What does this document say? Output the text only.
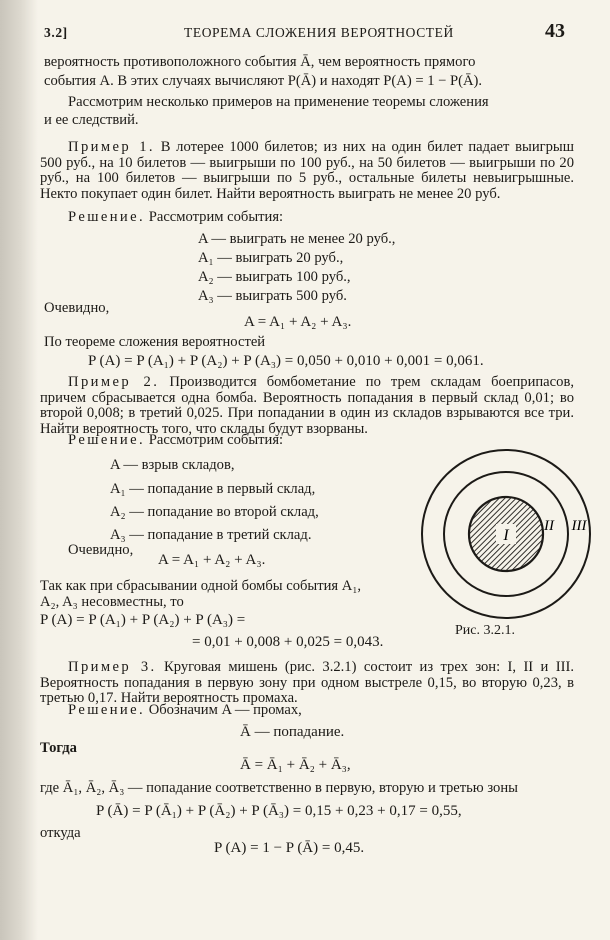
3.2]	ТЕОРЕМА СЛОЖЕНИЯ ВЕРОЯТНОСТЕЙ	43
вероятность противоположного события Ā, чем вероятность прямого
события A. В этих случаях вычисляют P(Ā) и находят P(A) = 1 − P(Ā).
Рассмотрим несколько примеров на применение теоремы сложения
и ее следствий.

Пример 1. В лотерее 1000 билетов; из них на один билет падает выигрыш 500 руб., на 10 билетов — выигрыши по 100 руб., на 50 билетов — выигрыши по 20 руб., на 100 билетов — выигрыши по 5 руб., остальные билеты невыигрышные. Некто покупает один билет. Найти вероятность выиграть не менее 20 руб.

Решение. Рассмотрим события:
A — выиграть не менее 20 руб.,
A₁ — выиграть 20 руб.,
A₂ — выиграть 100 руб.,
A₃ — выиграть 500 руб.
Очевидно,
A = A₁ + A₂ + A₃.
По теореме сложения вероятностей
P (A) = P (A₁) + P (A₂) + P (A₃) = 0,050 + 0,010 + 0,001 = 0,061.

Пример 2. Производится бомбометание по трем складам боеприпасов, причем сбрасывается одна бомба. Вероятность попадания в первый склад 0,01; во второй 0,008; в третий 0,025. При попадании в один из складов взрываются все три. Найти вероятность того, что склады будут взорваны.

Решение. Рассмотрим события:
A — взрыв складов,
A₁ — попадание в первый склад,
A₂ — попадание во второй склад,
A₃ — попадание в третий склад.
Очевидно,
A = A₁ + A₂ + A₃.
Так как при сбрасывании одной бомбы события A₁,
A₂, A₃ несовместны, то
P (A) = P (A₁) + P (A₂) + P (A₃) =
= 0,01 + 0,008 + 0,025 = 0,043.
I
II III
Рис. 3.2.1.

Пример 3. Круговая мишень (рис. 3.2.1) состоит из трех зон: I, II и III. Вероятность попадания в первую зону при одном выстреле 0,15, во вторую 0,23, в третью 0,17. Найти вероятность промаха.

Решение. Обозначим A — промах,
Ā — попадание.
Тогда
Ā = Ā₁ + Ā₂ + Ā₃,
где Ā₁, Ā₂, Ā₃ — попадание соответственно в первую, вторую и третью зоны
P (Ā) = P (Ā₁) + P (Ā₂) + P (Ā₃) = 0,15 + 0,23 + 0,17 = 0,55,
откуда
P (A) = 1 − P (Ā) = 0,45.
